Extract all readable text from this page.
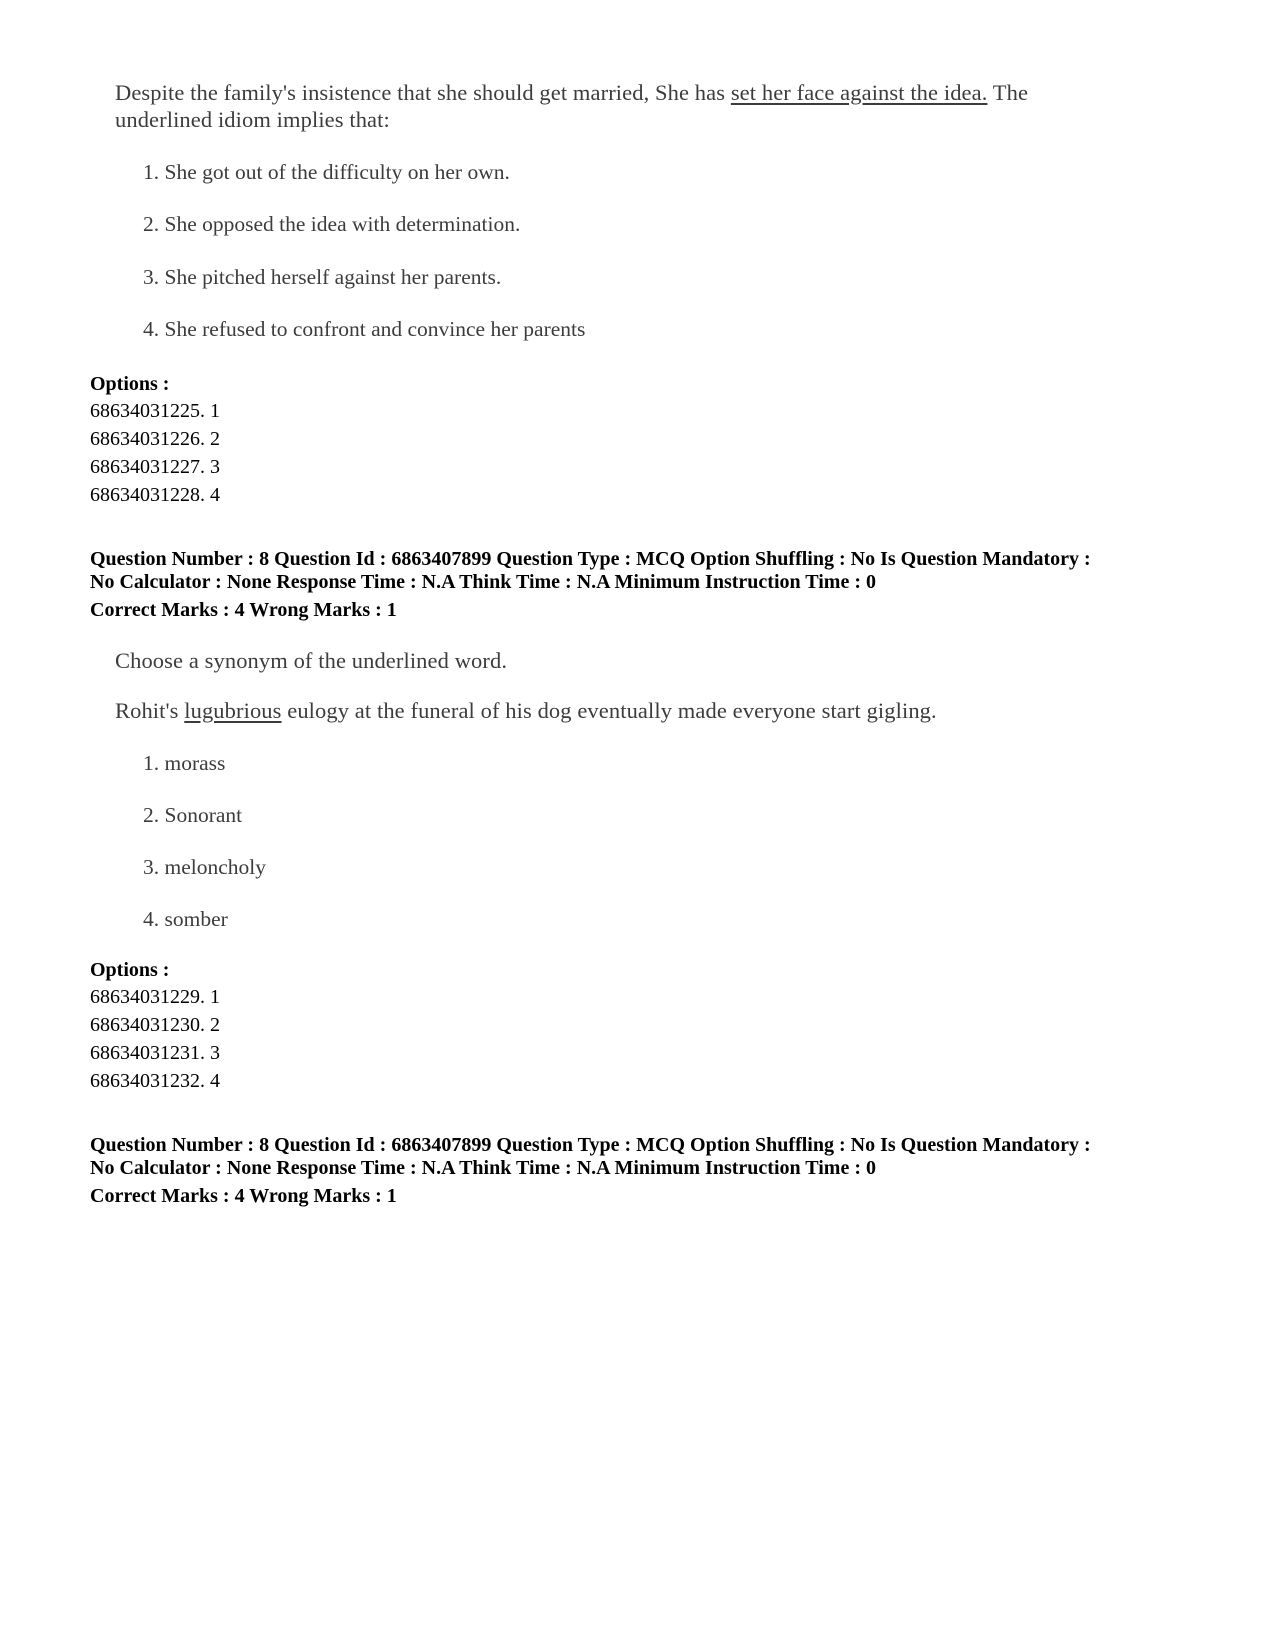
Despite the family's insistence that she should get married, She has set her face against the idea. The
underlined idiom implies that:
1. She got out of the difficulty on her own.
2. She opposed the idea with determination.
3. She pitched herself against her parents.
4. She refused to confront and convince her parents
Options :
68634031225. 1
68634031226. 2
68634031227. 3
68634031228. 4
Question Number : 8 Question Id : 6863407899 Question Type : MCQ Option Shuffling : No Is Question Mandatory :
No Calculator : None Response Time : N.A Think Time : N.A Minimum Instruction Time : 0
Correct Marks : 4 Wrong Marks : 1
Choose a synonym of the underlined word.
Rohit's lugubrious eulogy at the funeral of his dog eventually made everyone start gigling.
1. morass
2. Sonorant
3. meloncholy
4. somber
Options :
68634031229. 1
68634031230. 2
68634031231. 3
68634031232. 4
Question Number : 8 Question Id : 6863407899 Question Type : MCQ Option Shuffling : No Is Question Mandatory :
No Calculator : None Response Time : N.A Think Time : N.A Minimum Instruction Time : 0
Correct Marks : 4 Wrong Marks : 1
